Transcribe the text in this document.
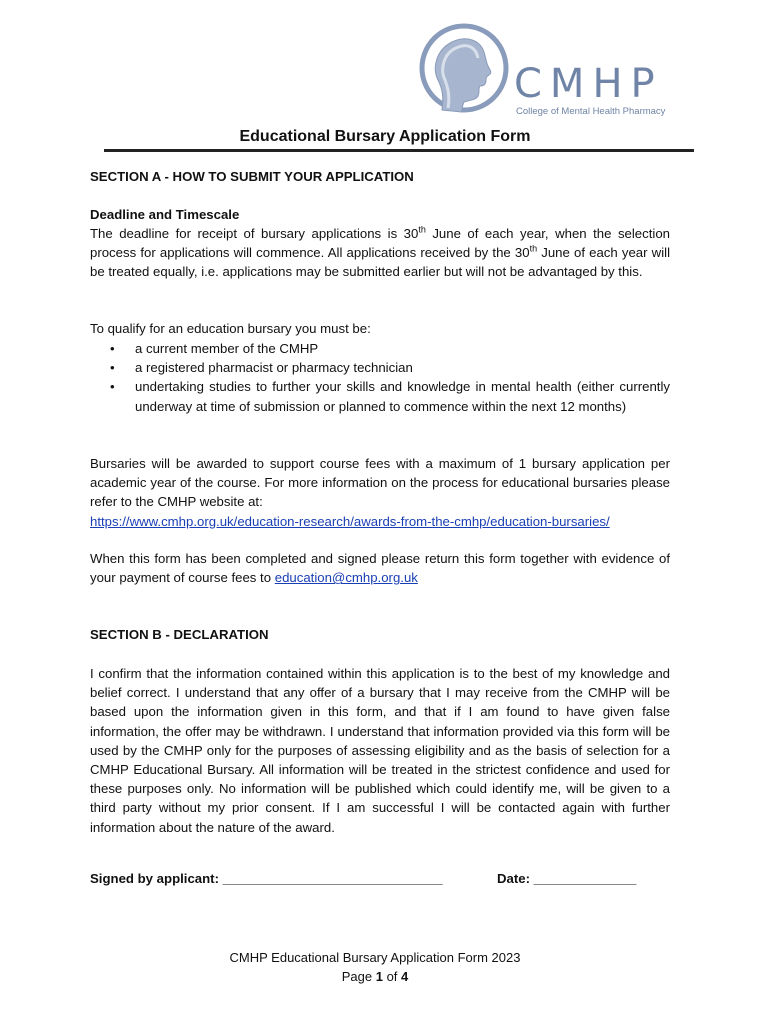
CMHP
College of Mental Health Pharmacy
Educational Bursary Application Form
SECTION A - HOW TO SUBMIT YOUR APPLICATION
Deadline and Timescale
The deadline for receipt of bursary applications is 30th June of each year, when the selection process for applications will commence. All applications received by the 30th June of each year will be treated equally, i.e. applications may be submitted earlier but will not be advantaged by this.
To qualify for an education bursary you must be:
• a current member of the CMHP
• a registered pharmacist or pharmacy technician
• undertaking studies to further your skills and knowledge in mental health (either currently underway at time of submission or planned to commence within the next 12 months)
Bursaries will be awarded to support course fees with a maximum of 1 bursary application per academic year of the course. For more information on the process for educational bursaries please refer to the CMHP website at:
https://www.cmhp.org.uk/education-research/awards-from-the-cmhp/education-bursaries/
When this form has been completed and signed please return this form together with evidence of your payment of course fees to education@cmhp.org.uk
SECTION B - DECLARATION
I confirm that the information contained within this application is to the best of my knowledge and belief correct. I understand that any offer of a bursary that I may receive from the CMHP will be based upon the information given in this form, and that if I am found to have given false information, the offer may be withdrawn. I understand that information provided via this form will be used by the CMHP only for the purposes of assessing eligibility and as the basis of selection for a CMHP Educational Bursary. All information will be treated in the strictest confidence and used for these purposes only. No information will be published which could identify me, will be given to a third party without my prior consent. If I am successful I will be contacted again with further information about the nature of the award.
Signed by applicant: ______________________________	Date: ______________
CMHP Educational Bursary Application Form 2023
Page 1 of 4
